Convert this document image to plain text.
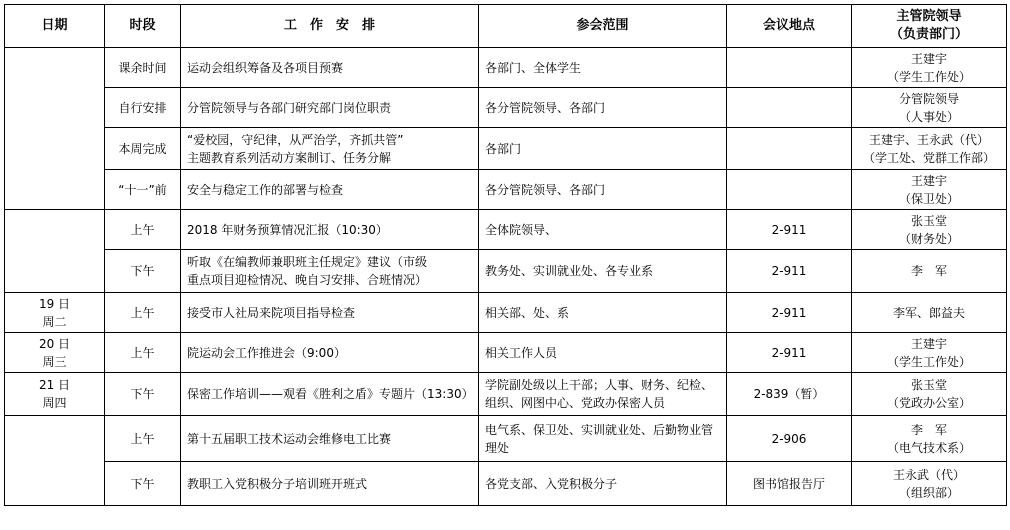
日期	时段	工　作　安　排	参会范围	会议地点	主管院领导
（负责部门）

	课余时间	运动会组织筹备及各项目预赛	各部门、全体学生		王建宇
（学生工作处）

	自行安排	分管院领导与各部门研究部门岗位职责	各分管院领导、各部门		分管院领导
（人事处）

	本周完成	“爱校园，守纪律，从严治学，齐抓共管”
主题教育系列活动方案制订、任务分解	各部门		王建宇、王永武（代）
（学工处、党群工作部）

	“十一”前	安全与稳定工作的部署与检查	各分管院领导、各部门		王建宇
（保卫处）

	上午	2018 年财务预算情况汇报（10:30）	全体院领导、	2-911	张玉堂
（财务处）

	下午	听取《在编教师兼职班主任规定》建议（市级
重点项目迎检情况、晚自习安排、合班情况）	教务处、实训就业处、各专业系	2-911	李　军

19 日
周二	上午	接受市人社局来院项目指导检查	相关部、处、系	2-911	李军、郎益夫

20 日
周三	上午	院运动会工作推进会（9:00）	相关工作人员	2-911	王建宇
（学生工作处）

21 日
周四	下午	保密工作培训——观看《胜利之盾》专题片（13:30）	学院副处级以上干部；人事、财务、纪检、组织、网图中心、党政办保密人员	2-839（暂）	张玉堂
（党政办公室）

	上午	第十五届职工技术运动会维修电工比赛	电气系、保卫处、实训就业处、后勤物业管理处	2-906	李　军
（电气技术系）

	下午	教职工入党积极分子培训班开班式	各党支部、入党积极分子	图书馆报告厅	王永武（代）
（组织部）
